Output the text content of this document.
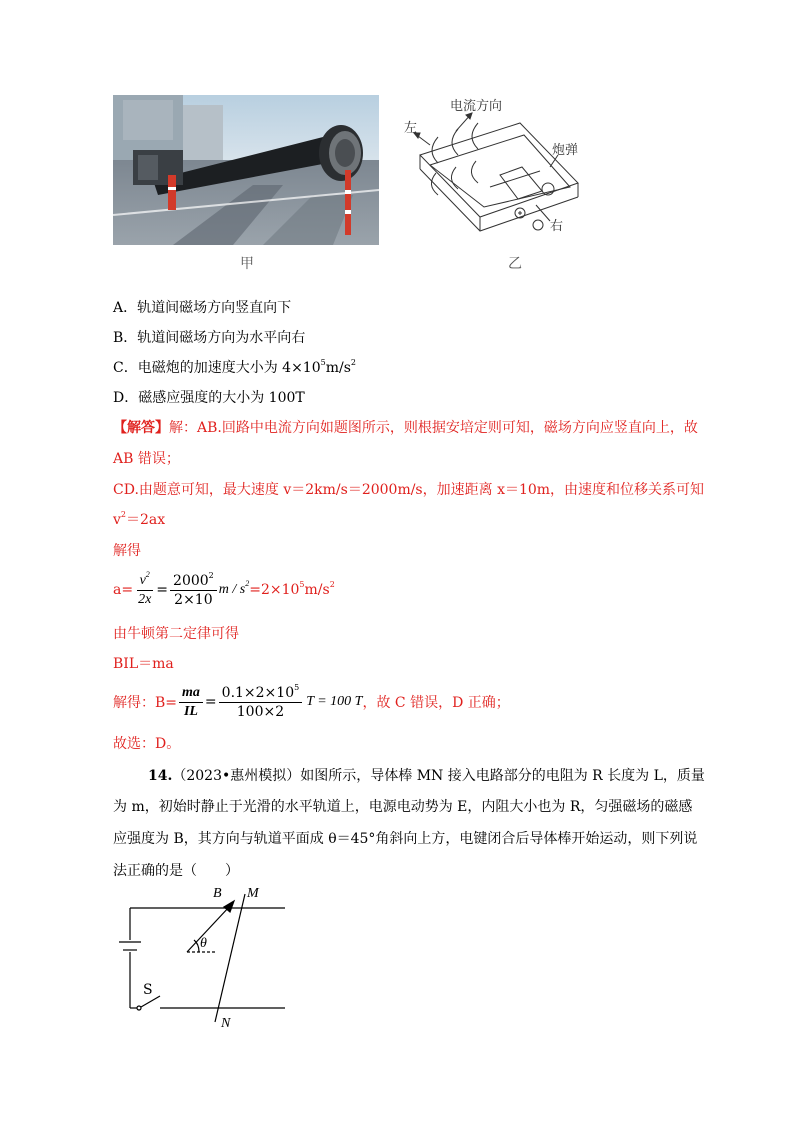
甲
电流方向
左
炮弹
右
乙
A．轨道间磁场方向竖直向下
B．轨道间磁场方向为水平向右
C．电磁炮的加速度大小为 $4\times 10^5m/s^2$
D．磁感应强度的大小为 100T
【解答】解：AB.回路中电流方向如题图所示，则根据安培定则可知，磁场方向应竖直向上，故
AB 错误；
CD.由题意可知，最大速度 v＝2km/s＝2000m/s，加速距离 x＝10m，由速度和位移关系可知
$v^2=2ax$
解得
$a= \frac{v^2}{2x} = \frac{2000^2}{2\times 10}$ $m / s^2 =2\times 10^5m/s^2$
由牛顿第二定律可得
BIL＝ma
解得：$B= \frac{ma}{IL} = \frac{0.1\times 2\times 10^5}{100\times 2}$ T = 100 T ，故 C 错误，D 正确；
故选：D。
14.（2023•惠州模拟）如图所示，导体棒 MN 接入电路部分的电阻为 R 长度为 L，质量
为 m，初始时静止于光滑的水平轨道上，电源电动势为 E，内阻大小也为 R，匀强磁场的磁感
应强度为 B，其方向与轨道平面成 θ＝45°角斜向上方，电键闭合后导体棒开始运动，则下列说
法正确的是（　　）
B M
θ
S
N
